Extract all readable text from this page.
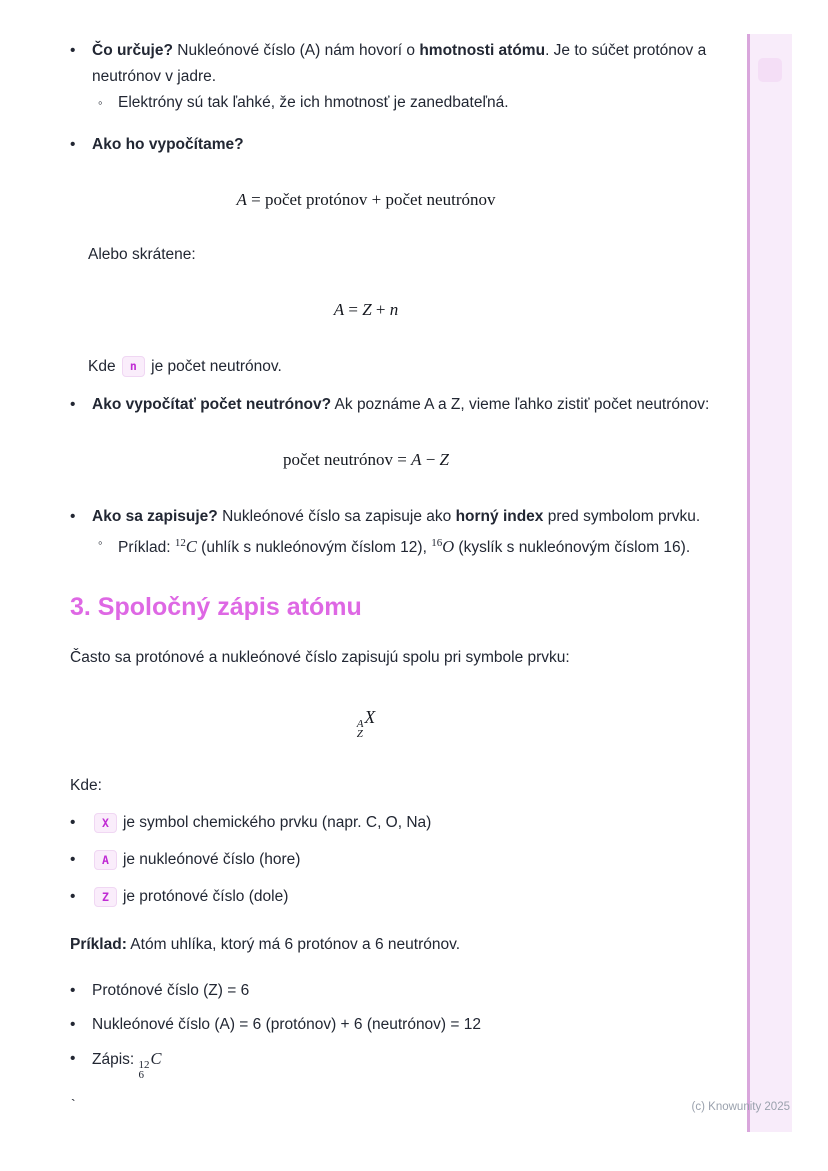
•	Čo určuje? Nukleónové číslo (A) nám hovorí o hmotnosti atómu. Je to súčet protónov a neutrónov v jadre.
◦ Elektróny sú tak ľahké, že ich hmotnosť je zanedbateľná.
•	Ako ho vypočítame?
A = počet protónov + počet neutrónov
Alebo skrátene:
A = Z + n
Kde n je počet neutrónov.
•	Ako vypočítať počet neutrónov? Ak poznáme A a Z, vieme ľahko zistiť počet neutrónov:
počet neutrónov = A − Z
•	Ako sa zapisuje? Nukleónové číslo sa zapisuje ako horný index pred symbolom prvku.
◦ Príklad: $^{12}$C (uhlík s nukleónovým číslom 12), $^{16}$O (kyslík s nukleónovým číslom 16).
3. Spoločný zápis atómu
Často sa protónové a nukleónové číslo zapisujú spolu pri symbole prvku:
A
Z
X
Kde:
•	X je symbol chemického prvku (napr. C, O, Na)
•	A je nukleónové číslo (hore)
•	Z je protónové číslo (dole)
Príklad: Atóm uhlíka, ktorý má 6 protónov a 6 neutrónov.
•	Protónové číslo (Z) = 6
•	Nukleónové číslo (A) = 6 (protónov) + 6 (neutrónov) = 12
•	Zápis: 12
6
C
`	(c) Knowunity 2025
